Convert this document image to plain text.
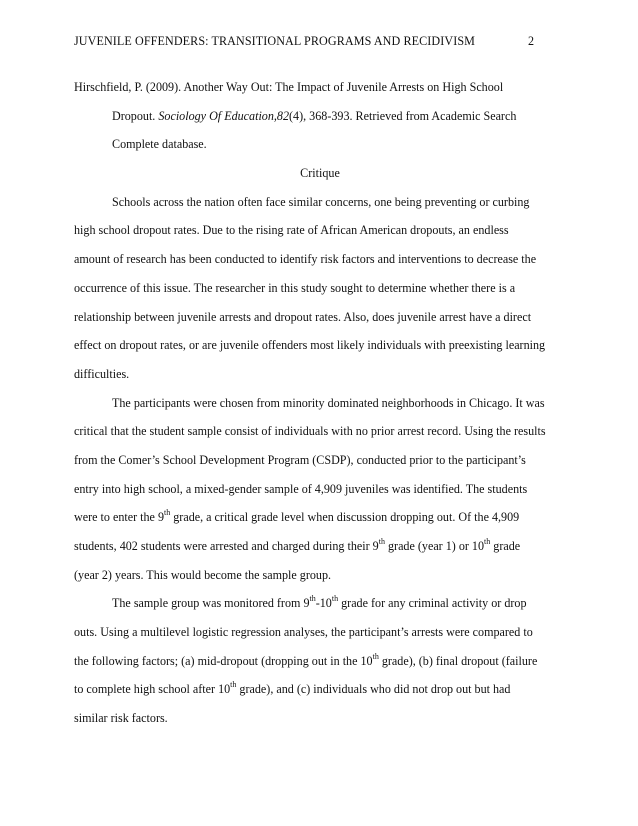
JUVENILE OFFENDERS: TRANSITIONAL PROGRAMS AND RECIDIVISM	2
Hirschfield, P. (2009). Another Way Out: The Impact of Juvenile Arrests on High School
Dropout. Sociology Of Education,82(4), 368-393. Retrieved from Academic Search
Complete database.
Critique
Schools across the nation often face similar concerns, one being preventing or curbing
high school dropout rates. Due to the rising rate of African American dropouts, an endless
amount of research has been conducted to identify risk factors and interventions to decrease the
occurrence of this issue. The researcher in this study sought to determine whether there is a
relationship between juvenile arrests and dropout rates. Also, does juvenile arrest have a direct
effect on dropout rates, or are juvenile offenders most likely individuals with preexisting learning
difficulties.
The participants were chosen from minority dominated neighborhoods in Chicago. It was
critical that the student sample consist of individuals with no prior arrest record. Using the results
from the Comer’s School Development Program (CSDP), conducted prior to the participant’s
entry into high school, a mixed-gender sample of 4,909 juveniles was identified. The students
were to enter the 9th grade, a critical grade level when discussion dropping out. Of the 4,909
students, 402 students were arrested and charged during their 9th grade (year 1) or 10th grade
(year 2) years. This would become the sample group.
The sample group was monitored from 9th-10th grade for any criminal activity or drop
outs. Using a multilevel logistic regression analyses, the participant’s arrests were compared to
the following factors; (a) mid-dropout (dropping out in the 10th grade), (b) final dropout (failure
to complete high school after 10th grade), and (c) individuals who did not drop out but had
similar risk factors.
